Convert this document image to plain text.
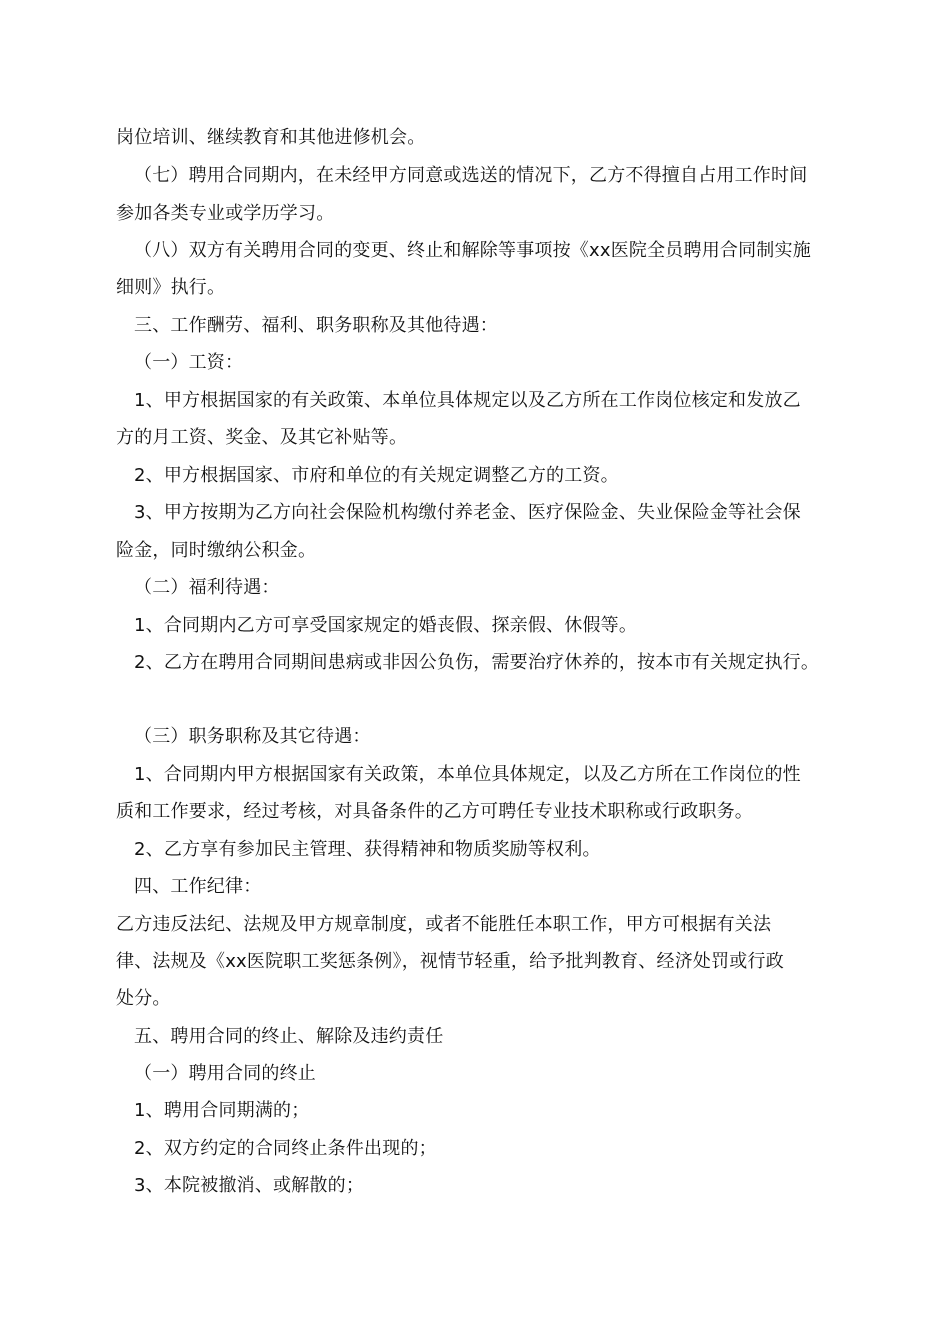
岗位培训、继续教育和其他进修机会。
（七）聘用合同期内，在未经甲方同意或选送的情况下，乙方不得擅自占用工作时间
参加各类专业或学历学习。
（八）双方有关聘用合同的变更、终止和解除等事项按《xx医院全员聘用合同制实施
细则》执行。
三、工作酬劳、福利、职务职称及其他待遇：
（一）工资：
1、甲方根据国家的有关政策、本单位具体规定以及乙方所在工作岗位核定和发放乙
方的月工资、奖金、及其它补贴等。
2、甲方根据国家、市府和单位的有关规定调整乙方的工资。
3、甲方按期为乙方向社会保险机构缴付养老金、医疗保险金、失业保险金等社会保
险金，同时缴纳公积金。
（二）福利待遇：
1、合同期内乙方可享受国家规定的婚丧假、探亲假、休假等。
2、乙方在聘用合同期间患病或非因公负伤，需要治疗休养的，按本市有关规定执行。
（三）职务职称及其它待遇：
1、合同期内甲方根据国家有关政策，本单位具体规定，以及乙方所在工作岗位的性
质和工作要求，经过考核，对具备条件的乙方可聘任专业技术职称或行政职务。
2、乙方享有参加民主管理、获得精神和物质奖励等权利。
四、工作纪律：
乙方违反法纪、法规及甲方规章制度，或者不能胜任本职工作，甲方可根据有关法
律、法规及《xx医院职工奖惩条例》，视情节轻重，给予批判教育、经济处罚或行政
处分。
五、聘用合同的终止、解除及违约责任
（一）聘用合同的终止
1、聘用合同期满的；
2、双方约定的合同终止条件出现的；
3、本院被撤消、或解散的；
